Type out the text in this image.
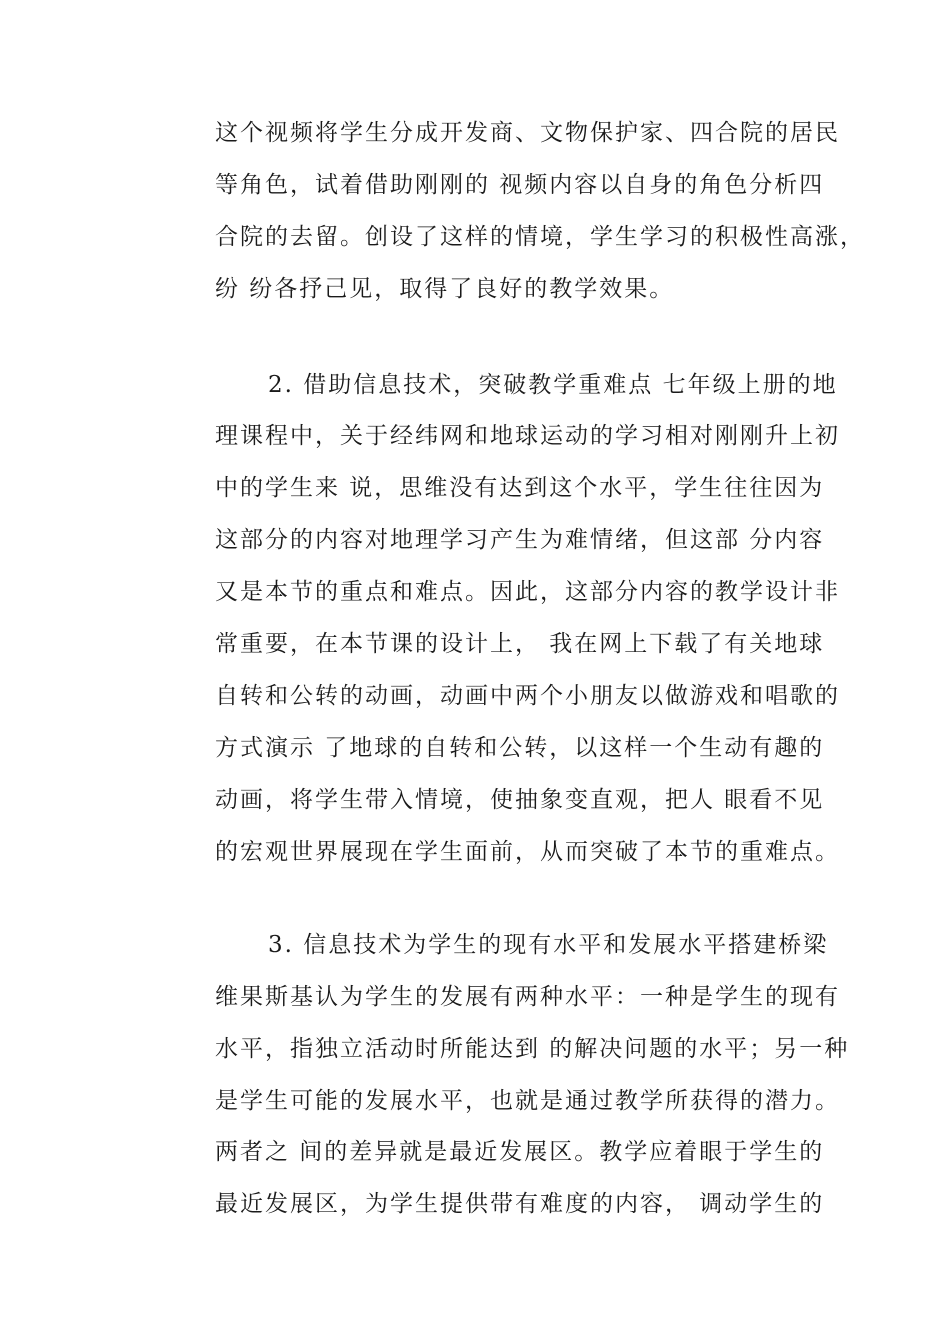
这个视频将学生分成开发商、文物保护家、四合院的居民
等角色，试着借助刚刚的 视频内容以自身的角色分析四
合院的去留。创设了这样的情境，学生学习的积极性高涨，
纷 纷各抒己见，取得了良好的教学效果。
2. 借助信息技术，突破教学重难点 七年级上册的地
理课程中，关于经纬网和地球运动的学习相对刚刚升上初
中的学生来 说，思维没有达到这个水平，学生往往因为
这部分的内容对地理学习产生为难情绪，但这部 分内容
又是本节的重点和难点。因此，这部分内容的教学设计非
常重要，在本节课的设计上， 我在网上下载了有关地球
自转和公转的动画，动画中两个小朋友以做游戏和唱歌的
方式演示 了地球的自转和公转，以这样一个生动有趣的
动画，将学生带入情境，使抽象变直观，把人 眼看不见
的宏观世界展现在学生面前，从而突破了本节的重难点。
3. 信息技术为学生的现有水平和发展水平搭建桥梁
维果斯基认为学生的发展有两种水平：一种是学生的现有
水平，指独立活动时所能达到 的解决问题的水平；另一种
是学生可能的发展水平，也就是通过教学所获得的潜力。
两者之 间的差异就是最近发展区。教学应着眼于学生的
最近发展区，为学生提供带有难度的内容， 调动学生的
